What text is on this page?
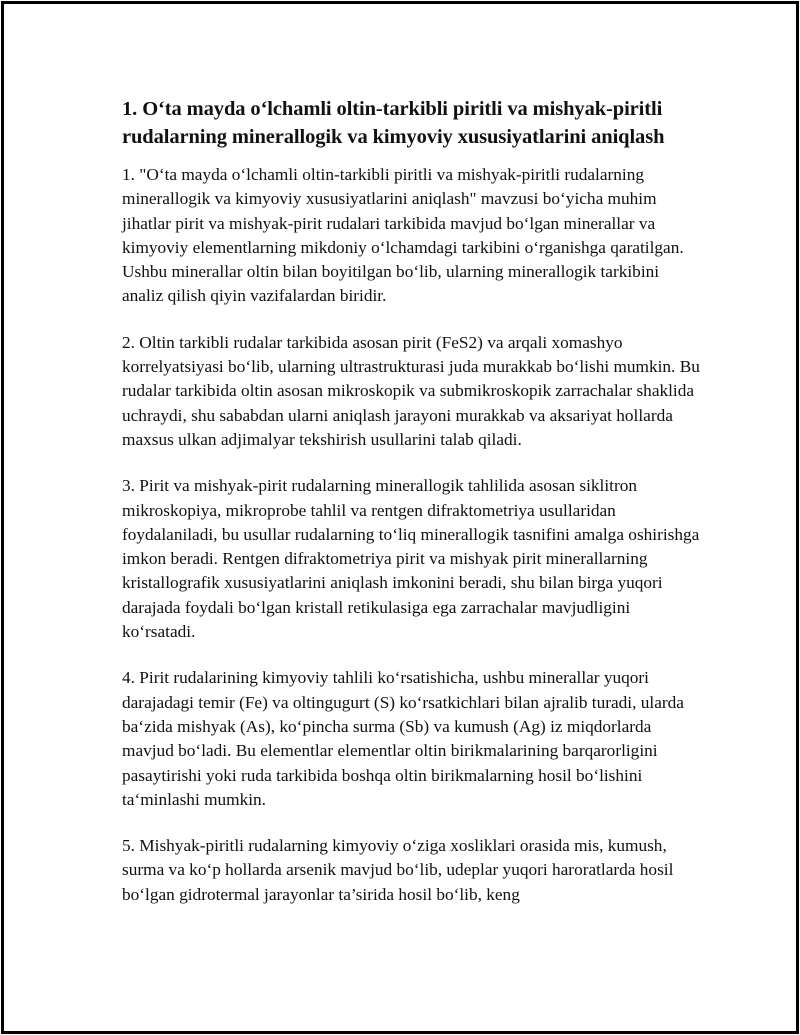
1. O‘ta mayda o‘lchamli oltin-tarkibli piritli va mishyak-piritli rudalarning minerallogik va kimyoviy xususiyatlarini aniqlash

1. "O‘ta mayda o‘lchamli oltin-tarkibli piritli va mishyak-piritli rudalarning minerallogik va kimyoviy xususiyatlarini aniqlash" mavzusi bo‘yicha muhim jihatlar pirit va mishyak-pirit rudalari tarkibida mavjud bo‘lgan minerallar va kimyoviy elementlarning mikdoniy o‘lchamdagi tarkibini o‘rganishga qaratilgan. Ushbu minerallar oltin bilan boyitilgan bo‘lib, ularning minerallogik tarkibini analiz qilish qiyin vazifalardan biridir.

2. Oltin tarkibli rudalar tarkibida asosan pirit (FeS2) va arqali xomashyo korrelyatsiyasi bo‘lib, ularning ultrastrukturasi juda murakkab bo‘lishi mumkin. Bu rudalar tarkibida oltin asosan mikroskopik va submikroskopik zarrachalar shaklida uchraydi, shu sababdan ularni aniqlash jarayoni murakkab va aksariyat hollarda maxsus ulkan adjimalyar tekshirish usullarini talab qiladi.

3. Pirit va mishyak-pirit rudalarning minerallogik tahlilida asosan siklitron mikroskopiya, mikroprobe tahlil va rentgen difraktometriya usullaridan foydalaniladi, bu usullar rudalarning to‘liq minerallogik tasnifini amalga oshirishga imkon beradi. Rentgen difraktometriya pirit va mishyak pirit minerallarning kristallografik xususiyatlarini aniqlash imkonini beradi, shu bilan birga yuqori darajada foydali bo‘lgan kristall retikulasiga ega zarrachalar mavjudligini ko‘rsatadi.

4. Pirit rudalarining kimyoviy tahlili ko‘rsatishicha, ushbu minerallar yuqori darajadagi temir (Fe) va oltingugurt (S) ko‘rsatkichlari bilan ajralib turadi, ularda ba‘zida mishyak (As), ko‘pincha surma (Sb) va kumush (Ag) iz miqdorlarda mavjud bo‘ladi. Bu elementlar elementlar oltin birikmalarining barqarorligini pasaytirishi yoki ruda tarkibida boshqa oltin birikmalarning hosil bo‘lishini ta‘minlashi mumkin.

5. Mishyak-piritli rudalarning kimyoviy o‘ziga xosliklari orasida mis, kumush, surma va ko‘p hollarda arsenik mavjud bo‘lib, udeplar yuqori haroratlarda hosil bo‘lgan gidrotermal jarayonlar ta’sirida hosil bo‘lib, keng
